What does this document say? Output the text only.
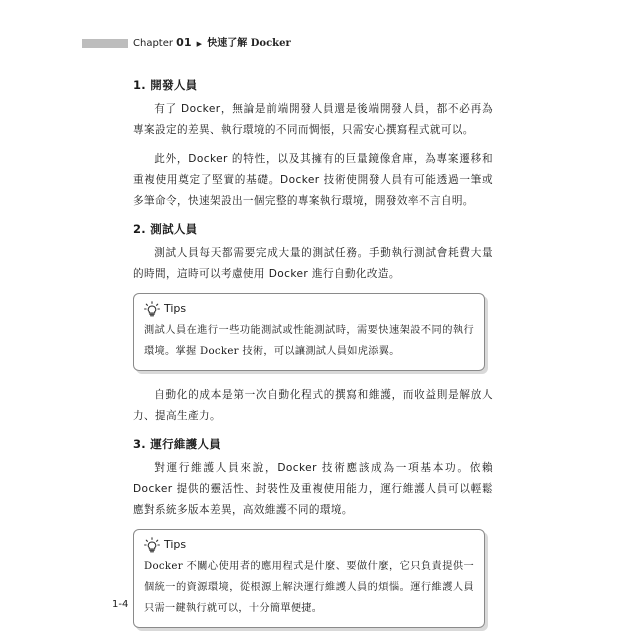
Chapter 01 ▶ 快速了解 Docker
1. 開發人員

有了 Docker，無論是前端開發人員還是後端開發人員，都不必再為專案設定的差異、執行環境的不同而惆悵，只需安心撰寫程式就可以。

此外，Docker 的特性，以及其擁有的巨量鏡像倉庫，為專案遷移和重複使用奠定了堅實的基礎。Docker 技術使開發人員有可能透過一筆或多筆命令，快速架設出一個完整的專案執行環境，開發效率不言自明。

2. 測試人員

測試人員每天都需要完成大量的測試任務。手動執行測試會耗費大量的時間，這時可以考慮使用 Docker 進行自動化改造。

Tips

測試人員在進行一些功能測試或性能測試時，需要快速架設不同的執行環境。掌握 Docker 技術，可以讓測試人員如虎添翼。

自動化的成本是第一次自動化程式的撰寫和維護，而收益則是解放人力、提高生產力。

3. 運行維護人員

對運行維護人員來說，Docker 技術應該成為一項基本功。依賴 Docker 提供的靈活性、封裝性及重複使用能力，運行維護人員可以輕鬆應對系統多版本差異，高效維護不同的環境。

Tips

Docker 不關心使用者的應用程式是什麼、要做什麼，它只負責提供一個統一的資源環境，從根源上解決運行維護人員的煩惱。運行維護人員只需一鍵執行就可以，十分簡單便捷。

1-4
